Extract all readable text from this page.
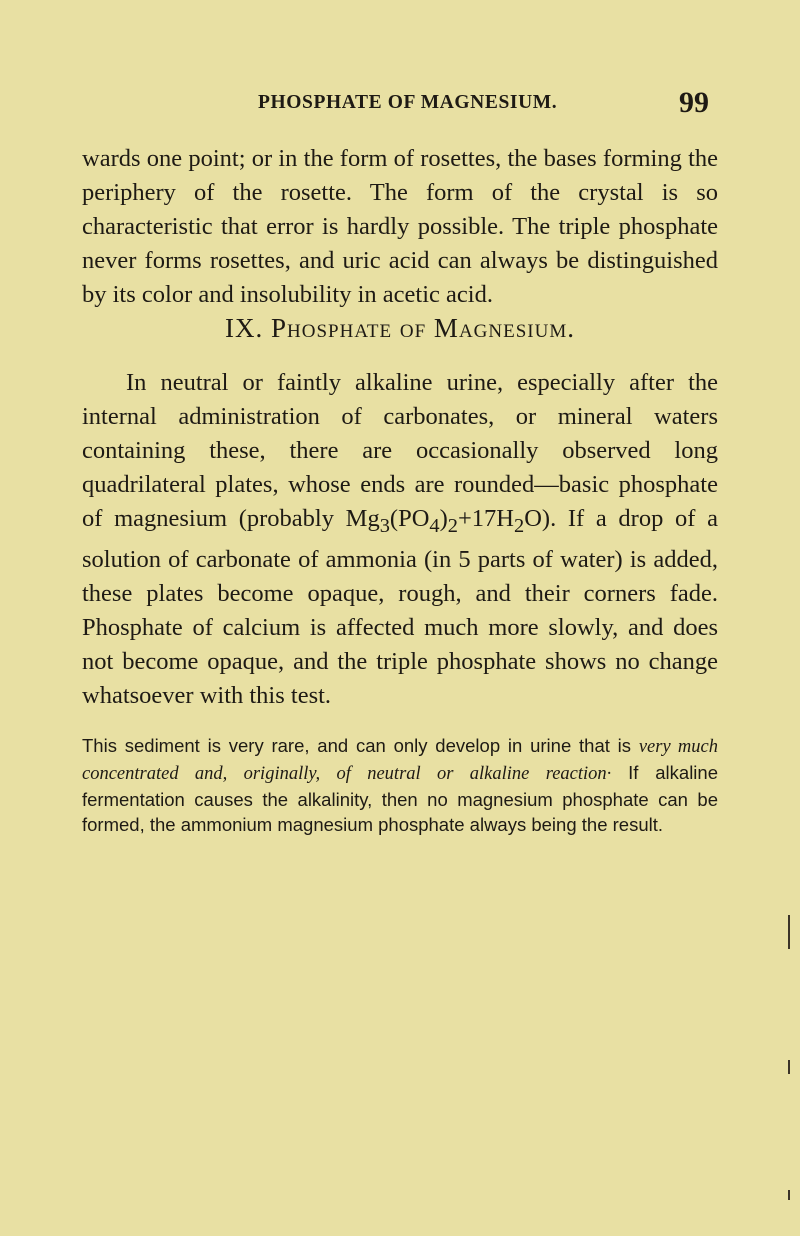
PHOSPHATE OF MAGNESIUM.	99

wards one point; or in the form of rosettes, the bases forming the periphery of the rosette. The form of the crystal is so characteristic that error is hardly possible. The triple phosphate never forms rosettes, and uric acid can always be distinguished by its color and insolubility in acetic acid.

IX. Phosphate of Magnesium.

In neutral or faintly alkaline urine, especially after the internal administration of carbonates, or mineral waters containing these, there are occasionally observed long quadrilateral plates, whose ends are rounded—basic phosphate of magnesium (probably $Mg_3(PO_4)_2+17H_2O$). If a drop of a solution of carbonate of ammonia (in 5 parts of water) is added, these plates become opaque, rough, and their corners fade. Phosphate of calcium is affected much more slowly, and does not become opaque, and the triple phosphate shows no change whatsoever with this test.

This sediment is very rare, and can only develop in urine that is very much concentrated and, originally, of neutral or alkaline reaction· If alkaline fermentation causes the alkalinity, then no magnesium phosphate can be formed, the ammonium magnesium phosphate always being the result.
